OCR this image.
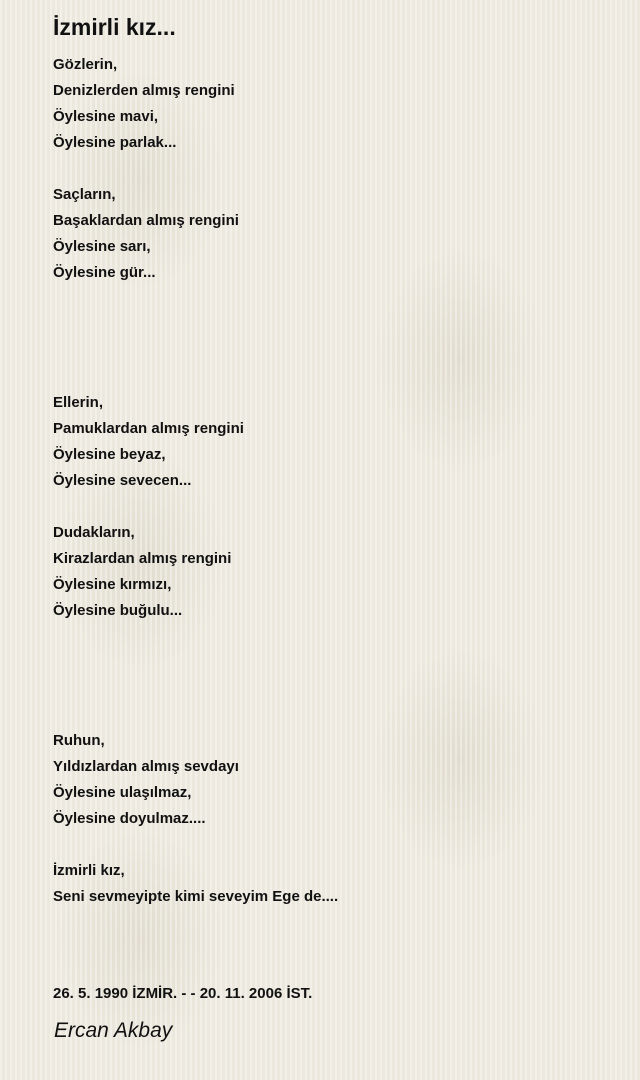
İzmirli kız...
Gözlerin,
Denizlerden almış rengini
Öylesine mavi,
Öylesine parlak...
Saçların,
Başaklardan almış rengini
Öylesine sarı,
Öylesine gür...
Ellerin,
Pamuklardan almış rengini
Öylesine beyaz,
Öylesine sevecen...
Dudakların,
Kirazlardan almış rengini
Öylesine kırmızı,
Öylesine buğulu...
Ruhun,
Yıldızlardan almış sevdayı
Öylesine ulaşılmaz,
Öylesine doyulmaz....
İzmirli kız,
Seni sevmeyipte kimi seveyim Ege de....
26. 5. 1990 İZMİR. - - 20. 11. 2006 İST.
Ercan Akbay
